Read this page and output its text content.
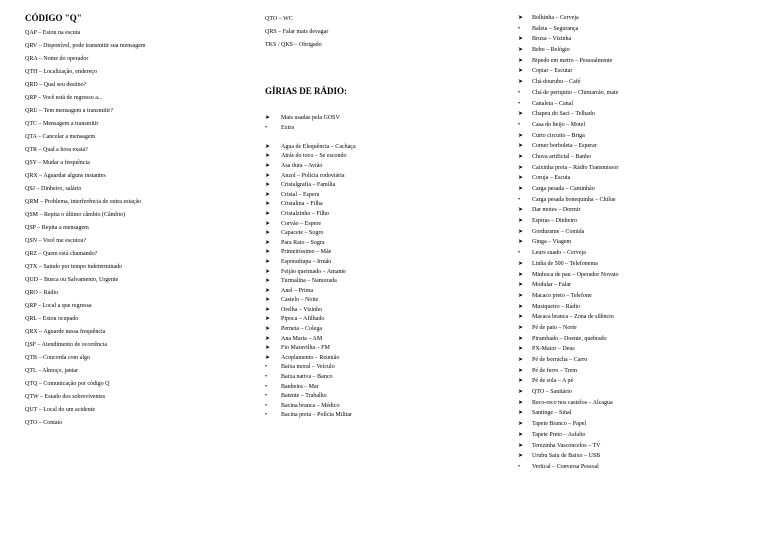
CÓDIGO "Q"
QAP – Estou na escuta
QRV – Disponível, pode transmitir sua mensagem
QRA – Nome do operador
QTH – Localização, endereço
QRD – Qual seu destino?
QRP – Você está de regresso a...
QRU – Tem mensagem a transmitir?
QTC – Mensagem a transmitir
QTA – Cancelar a mensagem
QTR – Qual a hora exata?
QSY – Mudar a frequência
QRX – Aguardar alguns instantes
QSJ – Dinheiro, salário
QRM – Problema, interferência de outra estação
QSM – Repita o último câmbio (Câmbio)
QSP – Repita a mensagem
QSN – Você me escutou?
QRZ – Quem está chamando?
QTX – Saindo por tempo indeterminado
QUD – Busca ou Salvamento, Urgente
QRO – Rádio
QRP – Local a que regressa
QRL – Estou ocupado
QRX – Aguarde nessa frequência
QSF – Atendimento de ocorrência
QTB – Concorda com algo
QTL – Almoço, jantar
QTQ – Comunicação por código Q
QTW – Estado dos sobreviventes
QUT – Local do um acidente
QTO – Contato
QTO – WC
QRS – Falar mais devagar
TKS / QKS – Obrigado
GÍRIAS DE RÁDIO:
➤	Mais usadas pela GOSV
•	Extra
➤	Água de Elequência – Cachaça
➤	Atrás do toco – Se escondo
➤	Asa dura – Avião
➤	Anzol – Polícia rodoviária
➤	Cristalgrafia – Família
➤	Cristal – Espera
➤	Cristalina – Filha
➤	Cristalzinho – Filho
➤	Corvão – Espere
➤	Capacete – Sogro
➤	Para Raio – Sogra
➤	Primeiríssimo – Mãe
➤	Esporadrapa – Irmão
➤	Feijão queimado – Amante
➤	Turmalina – Namorada
➤	Anel – Prima
➤	Castelo – Noite
➤	Orelha – Vizinho
➤	Pipoca – Afilhado
➤	Perneta – Colega
➤	Ana Maria – AM
➤	Fio Maravilha – FM
➤	Acoplamento – Reunião
•	Baixa moral – Veículo
•	Baixa nativa – Banco
•	Banheira – Mar
•	Batente – Trabalho
•	Bacina branca – Médico
•	Bacina preta – Polícia Militar
➤	Bolhinha – Cerveja
•	Baleia – Segurança
➤	Bruxa – Vizinha
➤	Bebo – Relógio
➤	Bipedo em metro – Pessoalmente
➤	Copiar – Escutar
➤	Chá dourubu – Café
•	Chá de periquito – Chimarrão, mate
•	Canaleta – Canal
➤	Chapeu do Saci – Telhado
•	Casa do beijo – Motel
➤	Curto circuito – Briga
➤	Comer borboleta – Esperar
➤	Chuva artificial – Banho
➤	Caixinha preta – Rádio Transmissor
➤	Coruja – Escuta
➤	Carga pesada – Caminhão
•	Carga pesada bonequinha – Chilue
➤	Dar motes – Dormir
➤	Espiras – Dinheiro
➤	Gordurame – Comida
➤	Ginga – Viagem
•	Leurs suado – Cerveja
➤	Linha de 500 – Telefonema
➤	Minhoca de pau – Operador Novato
➤	Modular – Falar
➤	Macaco preto – Telefone
➤	Musiqueiro – Rádio
➤	Macaca branca – Zona de silêncio
➤	Pé de pato – Norte
➤	Pirambado – Doente, quebrado
➤	PX-Maior – Deus
➤	Pé de borracha – Carro
➤	Pé de ferro – Trem
➤	Pé de sola – A pé
➤	QTO – Sanitário
➤	Reco-reco nos castelos – Alcagua
➤	Santinge – Sinal
➤	Tapete Branco – Papel
➤	Tapete Preto – Asfalto
➤	Terezinha Vasconcelos – TV
➤	Urubu Saiu de Baixo – USB
•	Vertical – Conversa Pessoal
